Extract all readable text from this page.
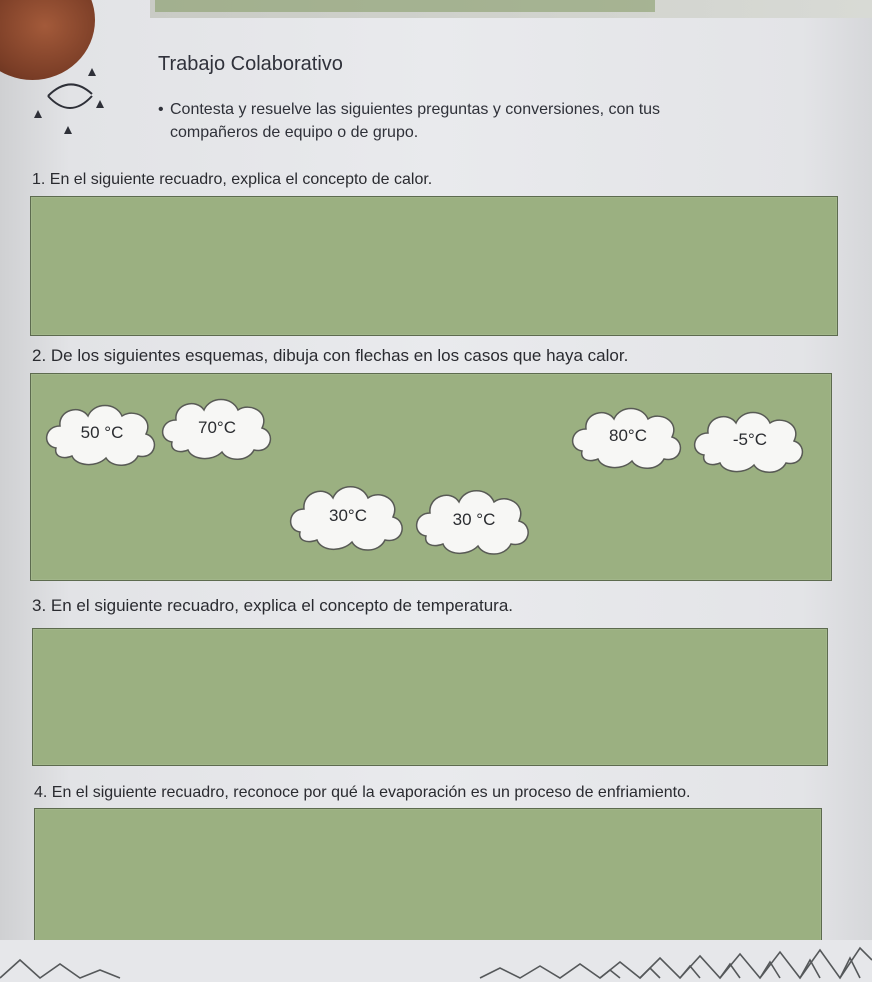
Trabajo Colaborativo
• Contesta y resuelve las siguientes preguntas y conversiones, con tus
compañeros de equipo o de grupo.
1. En el siguiente recuadro, explica el concepto de calor.
2. De los siguientes esquemas, dibuja con flechas en los casos que haya calor.
50 °C	70°C	80°C	-5°C
30°C	30 °C
3. En el siguiente recuadro, explica el concepto de temperatura.
4. En el siguiente recuadro, reconoce por qué la evaporación es un proceso de enfriamiento.
